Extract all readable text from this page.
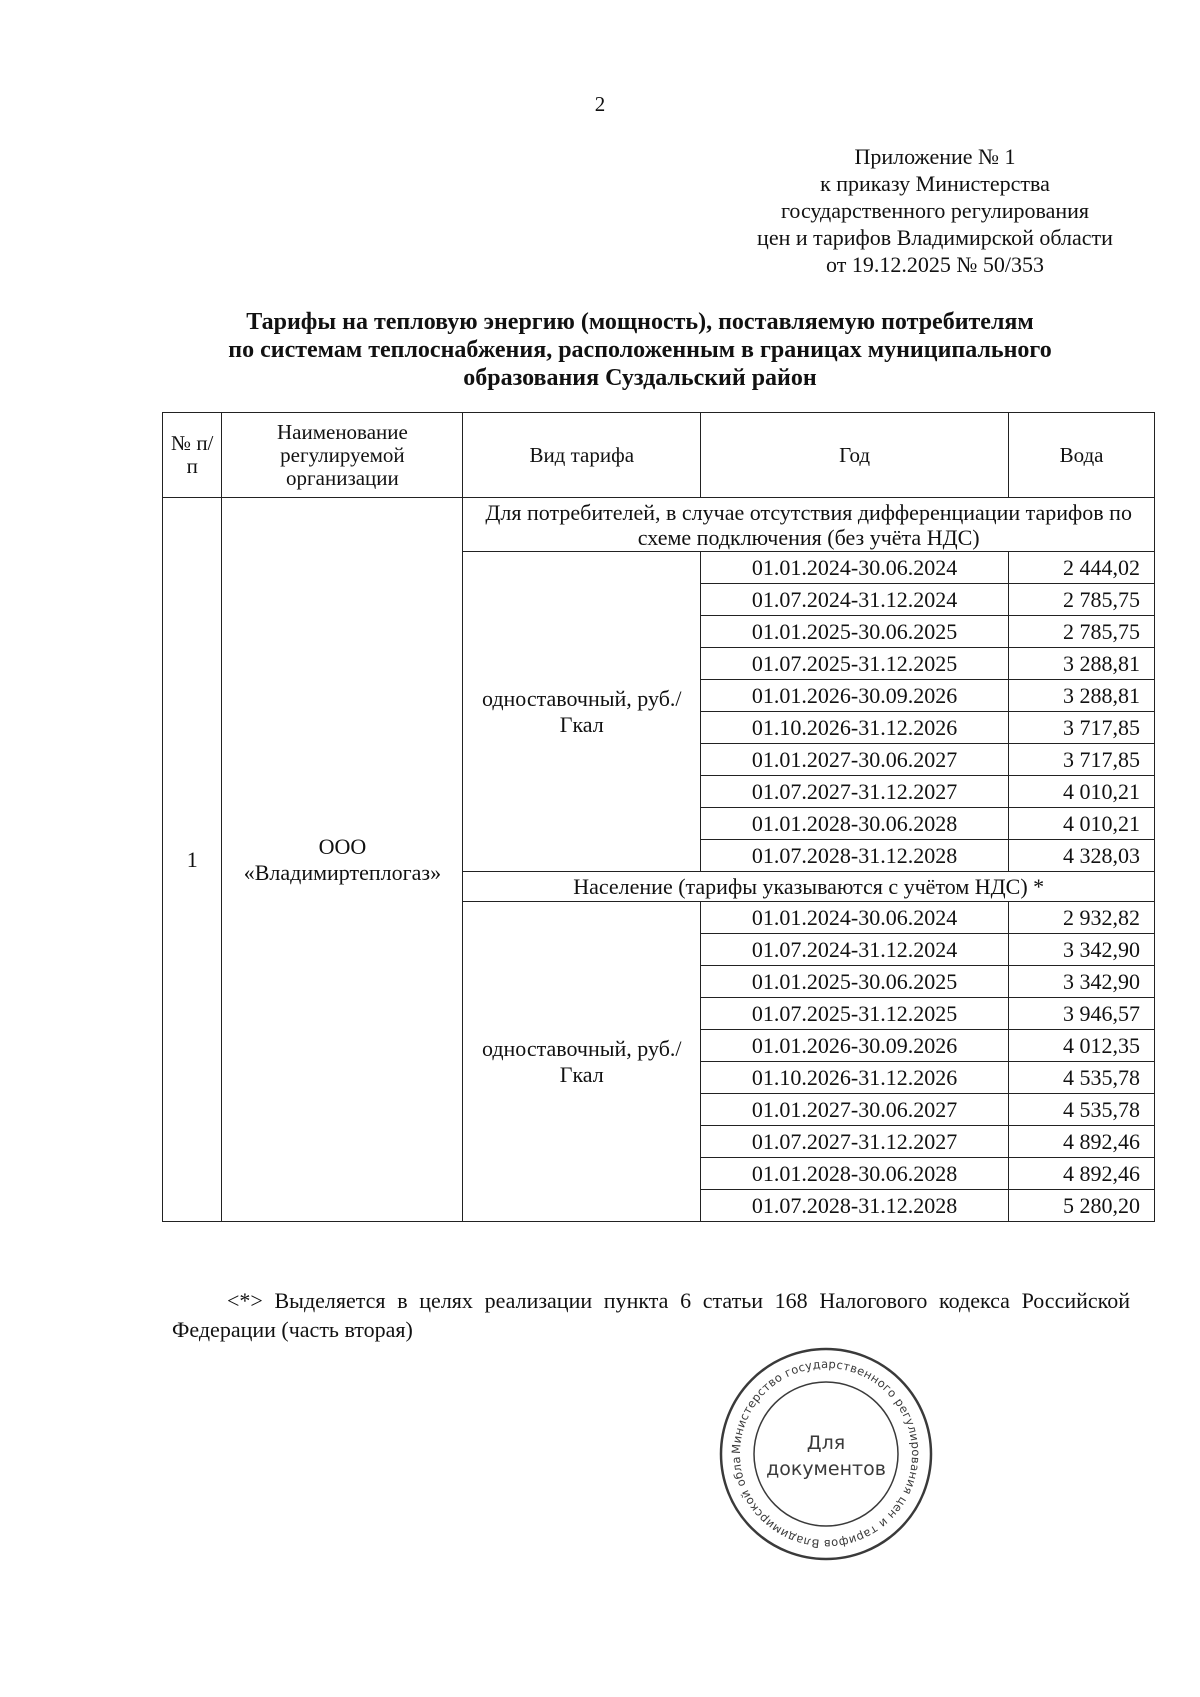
2
Приложение № 1
к приказу Министерства
государственного регулирования
цен и тарифов Владимирской области
от 19.12.2025 № 50/353
Тарифы на тепловую энергию (мощность), поставляемую потребителям
по системам теплоснабжения, расположенным в границах муниципального
образования Суздальский район
№ п/п	Наименование регулируемой организации	Вид тарифа	Год	Вода
1	ООО «Владимиртеплогаз»	Для потребителей, в случае отсутствия дифференциации тарифов по схеме подключения (без учёта НДС)		
		одноставочный, руб./Гкал	01.01.2024-30.06.2024	2 444,02
			01.07.2024-31.12.2024	2 785,75
			01.01.2025-30.06.2025	2 785,75
			01.07.2025-31.12.2025	3 288,81
			01.01.2026-30.09.2026	3 288,81
			01.10.2026-31.12.2026	3 717,85
			01.01.2027-30.06.2027	3 717,85
			01.07.2027-31.12.2027	4 010,21
			01.01.2028-30.06.2028	4 010,21
			01.07.2028-31.12.2028	4 328,03
		Население (тарифы указываются с учётом НДС) *		
		одноставочный, руб./Гкал	01.01.2024-30.06.2024	2 932,82
			01.07.2024-31.12.2024	3 342,90
			01.01.2025-30.06.2025	3 342,90
			01.07.2025-31.12.2025	3 946,57
			01.01.2026-30.09.2026	4 012,35
			01.10.2026-31.12.2026	4 535,78
			01.01.2027-30.06.2027	4 535,78
			01.07.2027-31.12.2027	4 892,46
			01.01.2028-30.06.2028	4 892,46
			01.07.2028-31.12.2028	5 280,20
<*> Выделяется в целях реализации пункта 6 статьи 168 Налогового кодекса Российской Федерации (часть вторая)
Министерство государственного регулирования цен и тарифов Владимирской обла
Для
документов
